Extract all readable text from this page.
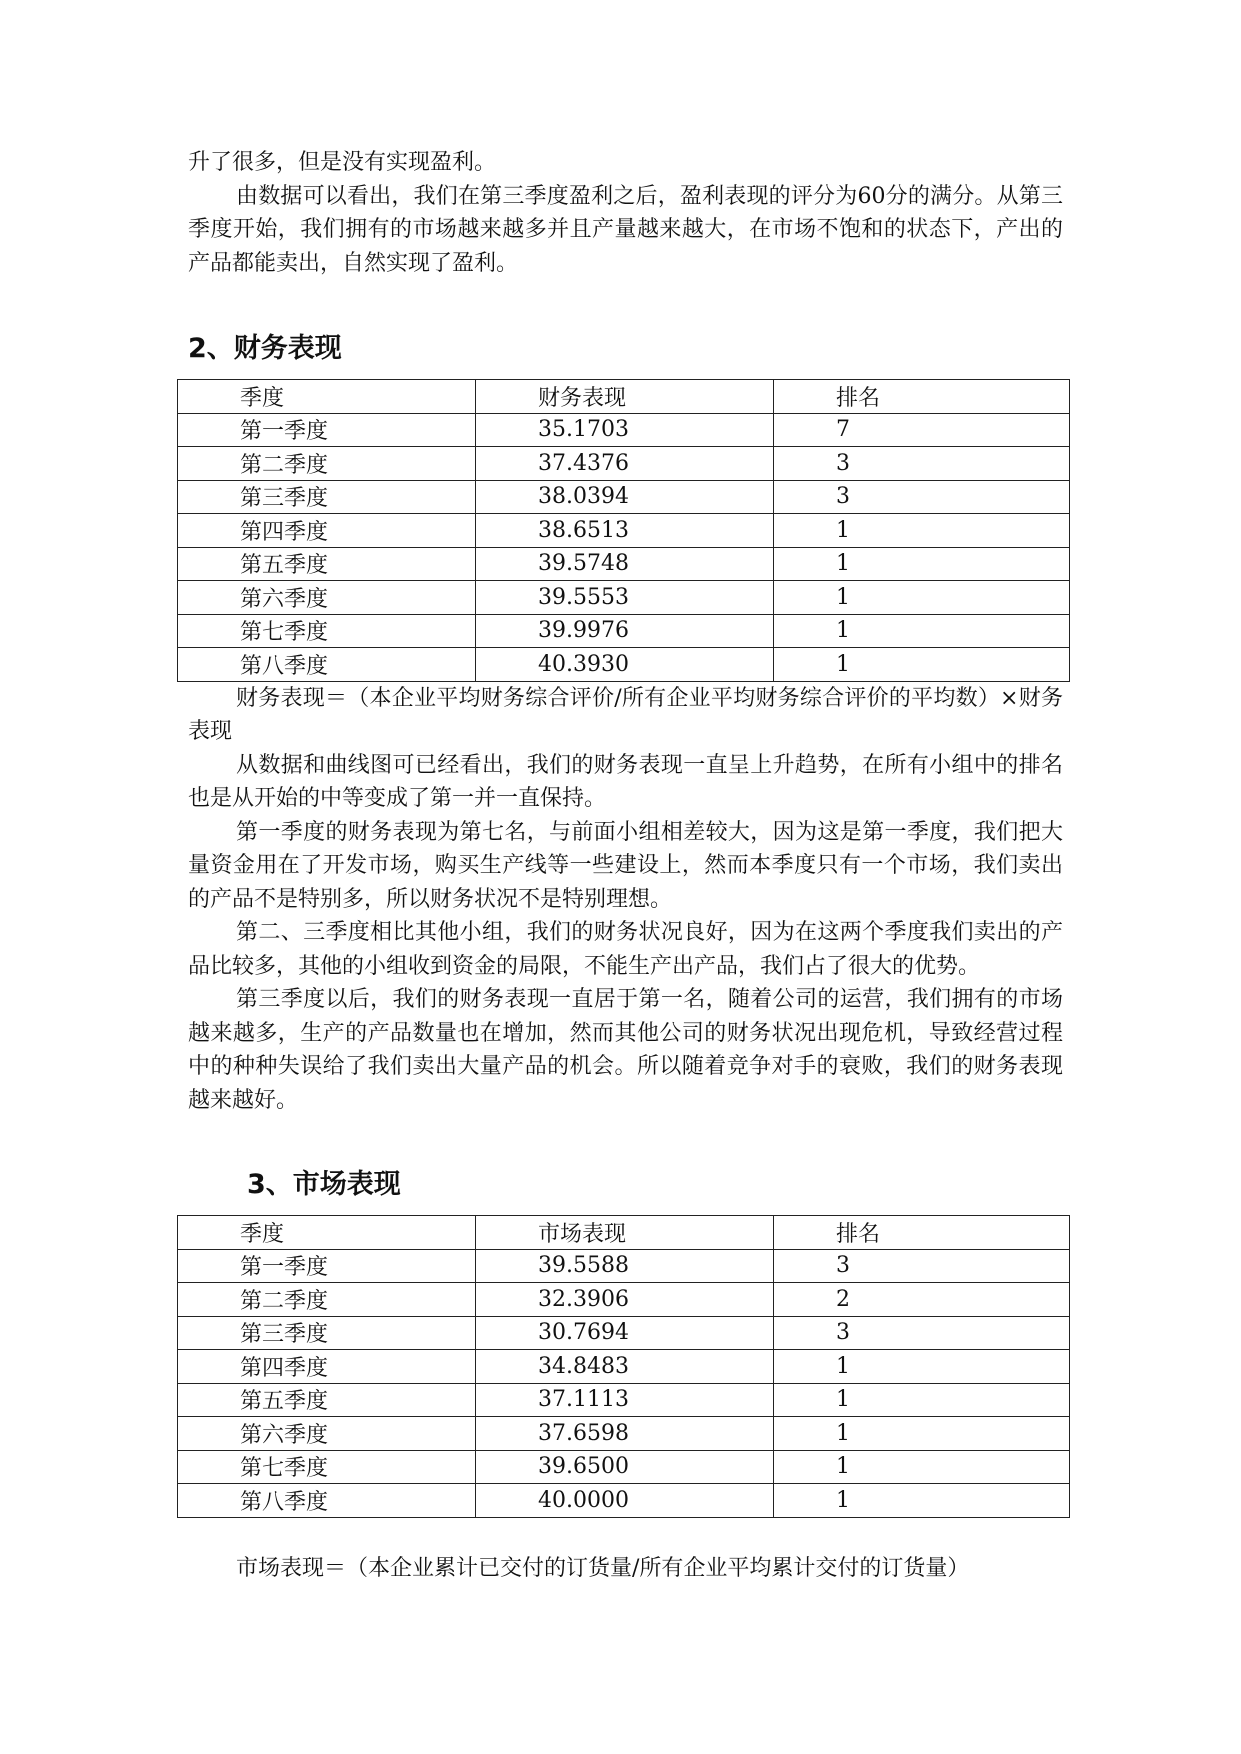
升了很多，但是没有实现盈利。

由数据可以看出，我们在第三季度盈利之后，盈利表现的评分为60分的满分。从第三季度开始，我们拥有的市场越来越多并且产量越来越大，在市场不饱和的状态下，产出的产品都能卖出，自然实现了盈利。

2、财务表现
季度	财务表现	排名

第一季度	35.1703	7

第二季度	37.4376	3

第三季度	38.0394	3

第四季度	38.6513	1

第五季度	39.5748	1

第六季度	39.5553	1

第七季度	39.9976	1

第八季度	40.3930	1

财务表现＝（本企业平均财务综合评价/所有企业平均财务综合评价的平均数）×财务表现

从数据和曲线图可已经看出，我们的财务表现一直呈上升趋势，在所有小组中的排名也是从开始的中等变成了第一并一直保持。

第一季度的财务表现为第七名，与前面小组相差较大，因为这是第一季度，我们把大量资金用在了开发市场，购买生产线等一些建设上，然而本季度只有一个市场，我们卖出的产品不是特别多，所以财务状况不是特别理想。

第二、三季度相比其他小组，我们的财务状况良好，因为在这两个季度我们卖出的产品比较多，其他的小组收到资金的局限，不能生产出产品，我们占了很大的优势。

第三季度以后，我们的财务表现一直居于第一名，随着公司的运营，我们拥有的市场越来越多，生产的产品数量也在增加，然而其他公司的财务状况出现危机，导致经营过程中的种种失误给了我们卖出大量产品的机会。所以随着竞争对手的衰败，我们的财务表现越来越好。

3、市场表现
季度	市场表现	排名

第一季度	39.5588	3

第二季度	32.3906	2

第三季度	30.7694	3

第四季度	34.8483	1

第五季度	37.1113	1

第六季度	37.6598	1

第七季度	39.6500	1

第八季度	40.0000	1

市场表现＝（本企业累计已交付的订货量/所有企业平均累计交付的订货量）
